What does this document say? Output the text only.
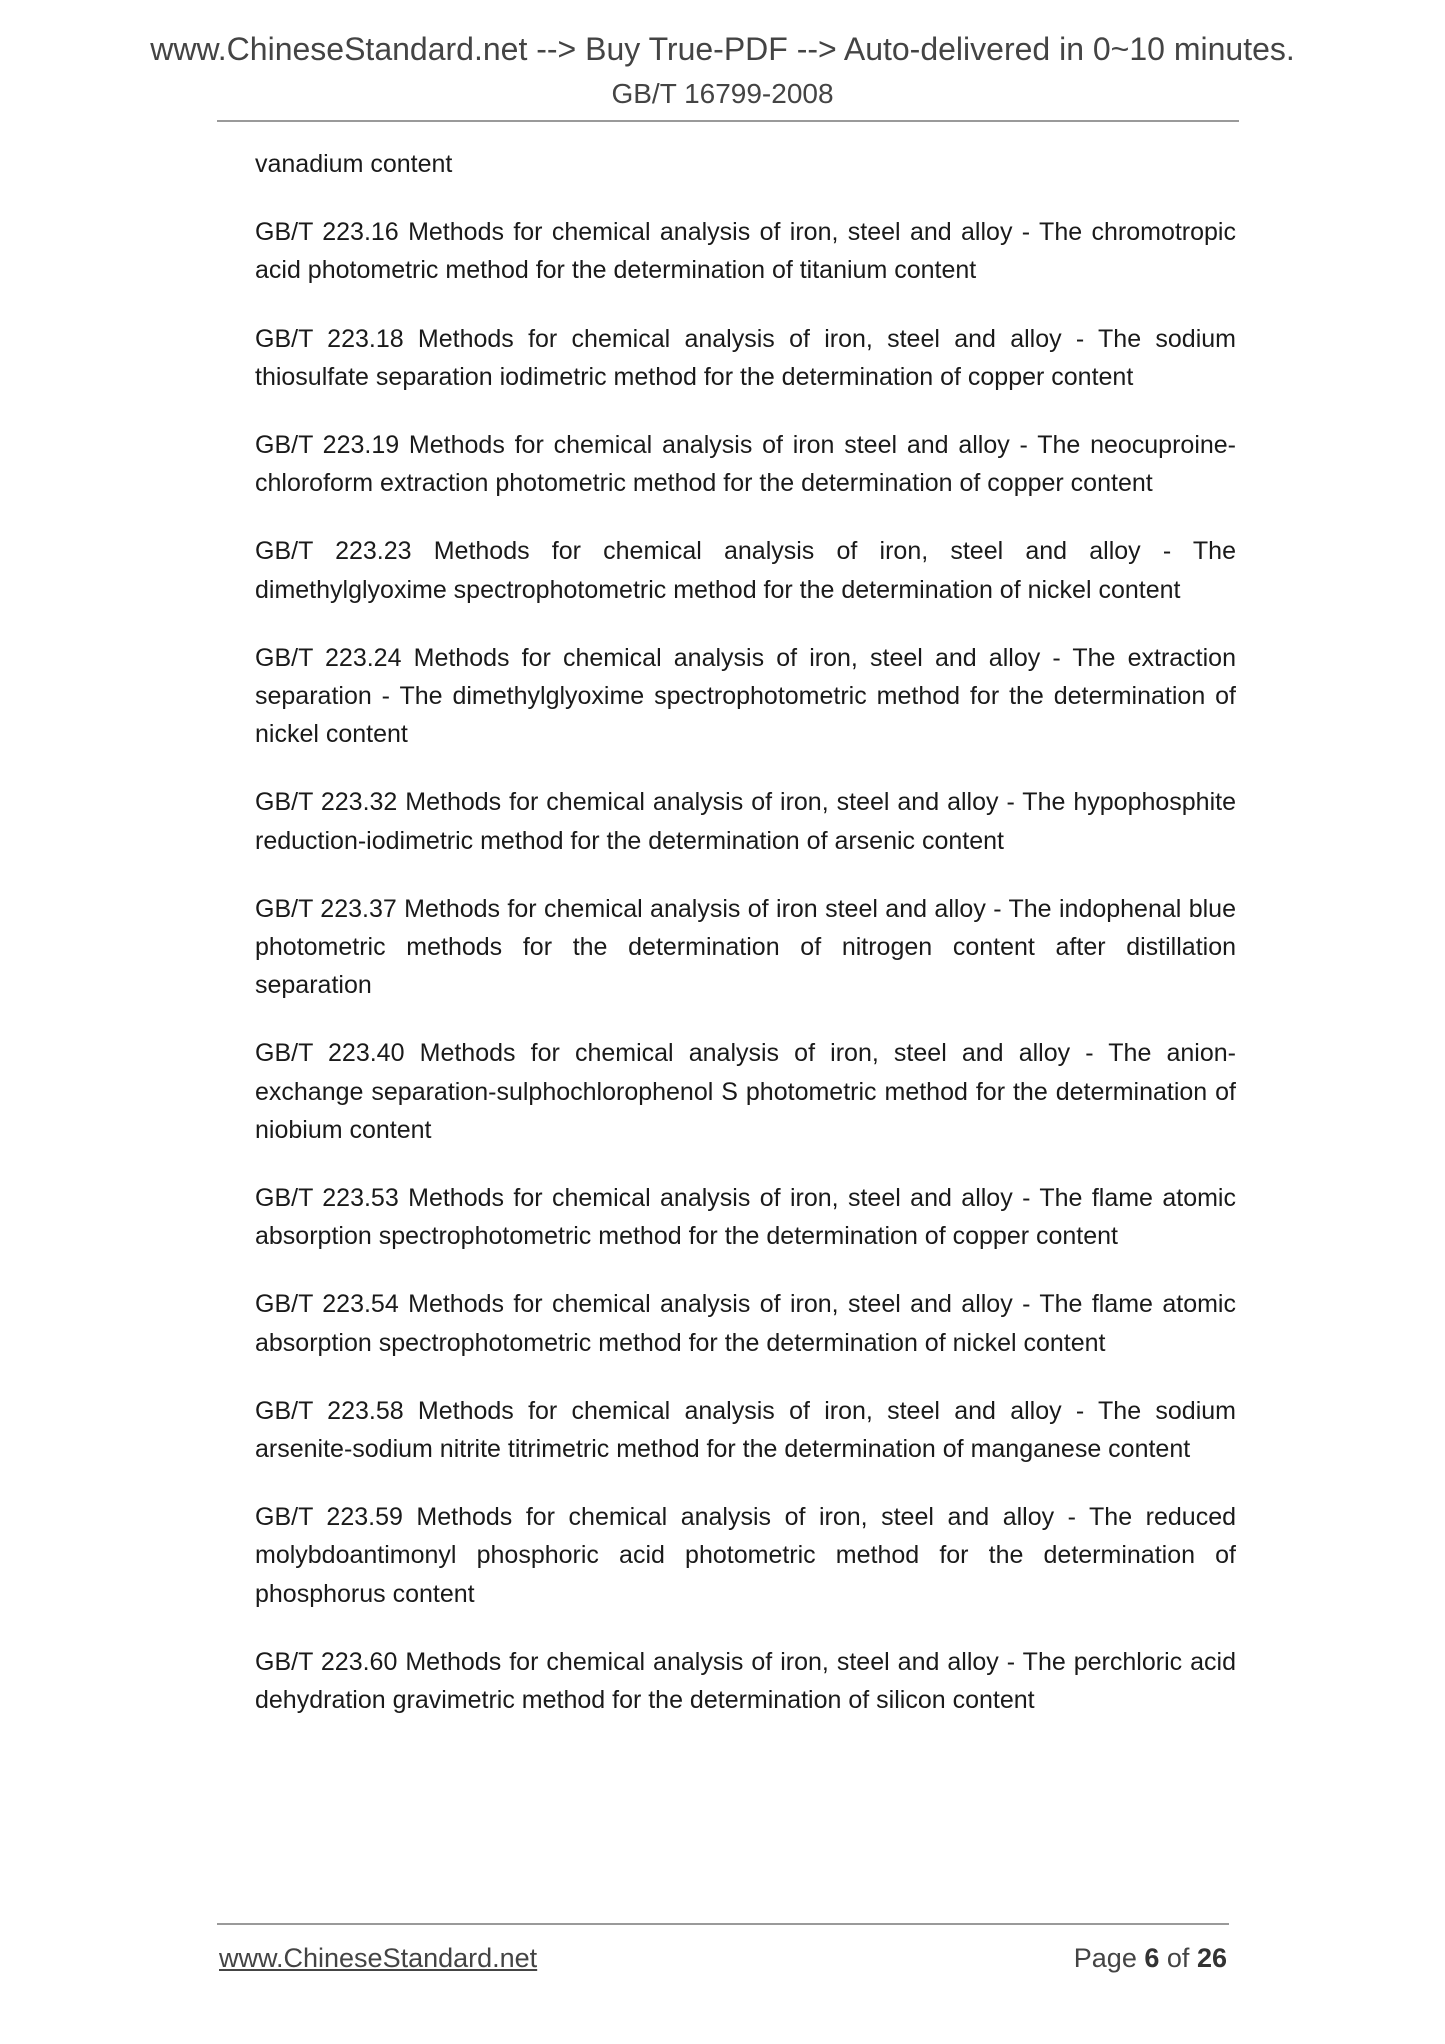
www.ChineseStandard.net --> Buy True-PDF --> Auto-delivered in 0~10 minutes.
GB/T 16799-2008

vanadium content

GB/T 223.16 Methods for chemical analysis of iron, steel and alloy - The chromotropic acid photometric method for the determination of titanium content

GB/T 223.18 Methods for chemical analysis of iron, steel and alloy - The sodium thiosulfate separation iodimetric method for the determination of copper content

GB/T 223.19 Methods for chemical analysis of iron steel and alloy - The neocuproine-chloroform extraction photometric method for the determination of copper content

GB/T 223.23 Methods for chemical analysis of iron, steel and alloy - The dimethylglyoxime spectrophotometric method for the determination of nickel content

GB/T 223.24 Methods for chemical analysis of iron, steel and alloy - The extraction separation - The dimethylglyoxime spectrophotometric method for the determination of nickel content

GB/T 223.32 Methods for chemical analysis of iron, steel and alloy - The hypophosphite reduction-iodimetric method for the determination of arsenic content

GB/T 223.37 Methods for chemical analysis of iron steel and alloy - The indophenal blue photometric methods for the determination of nitrogen content after distillation separation

GB/T 223.40 Methods for chemical analysis of iron, steel and alloy - The anion-exchange separation-sulphochlorophenol S photometric method for the determination of niobium content

GB/T 223.53 Methods for chemical analysis of iron, steel and alloy - The flame atomic absorption spectrophotometric method for the determination of copper content

GB/T 223.54 Methods for chemical analysis of iron, steel and alloy - The flame atomic absorption spectrophotometric method for the determination of nickel content

GB/T 223.58 Methods for chemical analysis of iron, steel and alloy - The sodium arsenite-sodium nitrite titrimetric method for the determination of manganese content

GB/T 223.59 Methods for chemical analysis of iron, steel and alloy - The reduced molybdoantimonyl phosphoric acid photometric method for the determination of phosphorus content

GB/T 223.60 Methods for chemical analysis of iron, steel and alloy - The perchloric acid dehydration gravimetric method for the determination of silicon content

www.ChineseStandard.net	Page 6 of 26
